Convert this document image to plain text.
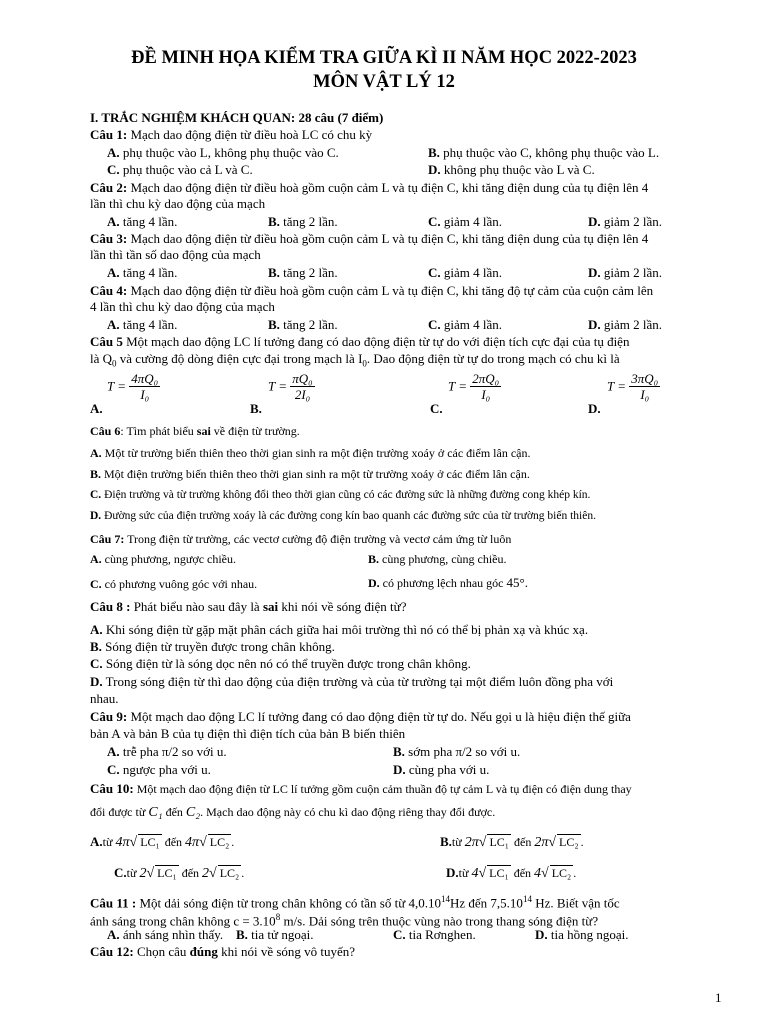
ĐỀ MINH HỌA KIỂM TRA GIỮA KÌ II NĂM HỌC 2022-2023
MÔN VẬT LÝ 12
I. TRẮC NGHIỆM KHÁCH QUAN: 28 câu (7 điểm)
Câu 1: Mạch dao động điện từ điều hoà LC có chu kỳ
A. phụ thuộc vào L, không phụ thuộc vào C.	B. phụ thuộc vào C, không phụ thuộc vào L.
C. phụ thuộc vào cả L và C.	D. không phụ thuộc vào L và C.
Câu 2: Mạch dao động điện từ điều hoà gồm cuộn cảm L và tụ điện C, khi tăng điện dung của tụ điện lên 4
lần thì chu kỳ dao động của mạch
A. tăng 4 lần.	B. tăng 2 lần.	C. giảm 4 lần.	D. giảm 2 lần.
Câu 3: Mạch dao động điện từ điều hoà gồm cuộn cảm L và tụ điện C, khi tăng điện dung của tụ điện lên 4
lần thì tần số dao động của mạch
A. tăng 4 lần.	B. tăng 2 lần.	C. giảm 4 lần.	D. giảm 2 lần.
Câu 4: Mạch dao động điện từ điều hoà gồm cuộn cảm L và tụ điện C, khi tăng độ tự cảm của cuộn cảm lên
4 lần thì chu kỳ dao động của mạch
A. tăng 4 lần.	B. tăng 2 lần.	C. giảm 4 lần.	D. giảm 2 lần.
Câu 5 Một mạch dao động LC lí tưởng đang có dao động điện từ tự do với điện tích cực đại của tụ điện
là $Q_0$ và cường độ dòng điện cực đại trong mạch là $I_0$. Dao động điện từ tự do trong mạch có chu kì là
$T = \frac{\text{4πQ₀}}{\text{I₀}}$
A.
$T = \frac{\text{πQ₀}}{\text{2I₀}}$
B.
$T = \frac{\text{2πQ₀}}{\text{I₀}}$
C.
$T = \frac{\text{3πQ₀}}{\text{I₀}}$
D.
Câu 6: Tìm phát biểu sai về điện từ trường.
A. Một từ trường biến thiên theo thời gian sinh ra một điện trường xoáy ở các điểm lân cận.
B. Một điện trường biến thiên theo thời gian sinh ra một từ trường xoáy ở các điểm lân cận.
C. Điện trường và từ trường không đổi theo thời gian cũng có các đường sức là những đường cong khép kín.
D. Đường sức của điện trường xoáy là các đường cong kín bao quanh các đường sức của từ trường biến thiên.
Câu 7: Trong điện từ trường, các vectơ cường độ điện trường và vectơ cảm ứng từ luôn
A. cùng phương, ngược chiều.	B. cùng phương, cùng chiều.
C. có phương vuông góc với nhau.	D. có phương lệch nhau góc 45°.
Câu 8 : Phát biểu nào sau đây là sai khi nói về sóng điện từ?
A. Khi sóng điện từ gặp mặt phân cách giữa hai môi trường thì nó có thể bị phản xạ và khúc xạ.
B. Sóng điện từ truyền được trong chân không.
C. Sóng điện từ là sóng dọc nên nó có thể truyền được trong chân không.
D. Trong sóng điện từ thì dao động của điện trường và của từ trường tại một điểm luôn đồng pha với
nhau.
Câu 9: Một mạch dao động LC lí tưởng đang có dao động điện từ tự do. Nếu gọi u là hiệu điện thế giữa
bản A và bản B của tụ điện thì điện tích của bản B biến thiên
A. trễ pha π/2 so với u.	B. sớm pha π/2 so với u.
C. ngược pha với u.	D. cùng pha với u.
Câu 10: Một mạch dao động điện từ LC lí tưởng gồm cuộn cảm thuần độ tự cảm L và tụ điện có điện dung thay
đổi được từ C₁ đến C₂. Mạch dao động này có chu kì dao động riêng thay đổi được.
A.từ 4π√ LC₁ đến 4π√ LC₂ .	B.từ 2π√ LC₁ đến 2π√ LC₂ .
C.từ 2√ LC₁ đến 2√ LC₂ .	D.từ 4√ LC₁ đến 4√ LC₂ .
Câu 11 : Một dải sóng điện từ trong chân không có tần số từ 4,0.10$^{14}$Hz đến 7,5.10$^{14}$ Hz. Biết vận tốc
ánh sáng trong chân không $c = 3.10^8$ m/s. Dải sóng trên thuộc vùng nào trong thang sóng điện từ?
A. ánh sáng nhìn thấy. B. tia tử ngoại.	C. tia Rơnghen.	D. tia hồng ngoại.
Câu 12: Chọn câu đúng khi nói về sóng vô tuyến?
1
